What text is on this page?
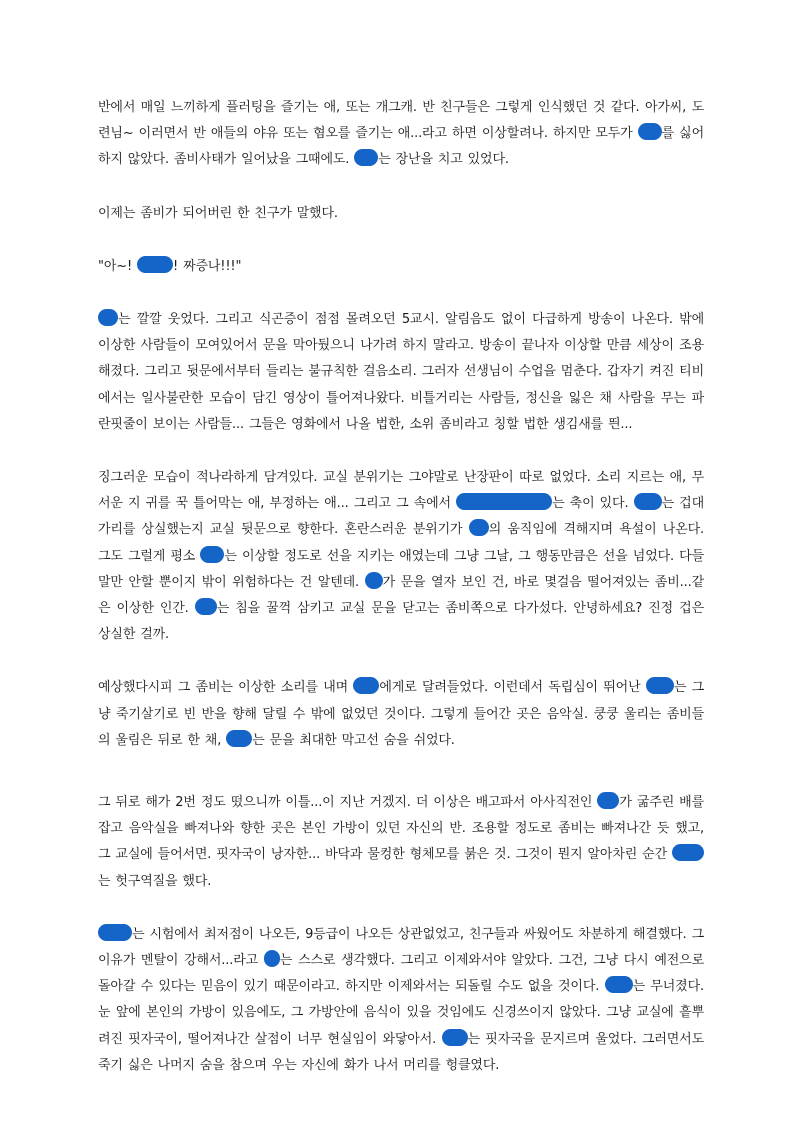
반에서 매일 느끼하게 플러팅을 즐기는 애, 또는 개그캐. 반 친구들은 그렇게 인식했던 것 같다. 아가씨, 도련님~ 이러면서 반 애들의 야유 또는 혐오를 즐기는 애...라고 하면 이상할려나. 하지만 모두가 를 싫어하지 않았다. 좀비사태가 일어났을 그때에도. 는 장난을 치고 있었다.

이제는 좀비가 되어버린 한 친구가 말했다.

"아~!	! 짜증나!!!"

는 깔깔 웃었다. 그리고 식곤증이 점점 몰려오던 5교시. 알림음도 없이 다급하게 방송이 나온다. 밖에 이상한 사람들이 모여있어서 문을 막아뒀으니 나가려 하지 말라고. 방송이 끝나자 이상할 만큼 세상이 조용해졌다. 그리고 뒷문에서부터 들리는 불규칙한 걸음소리. 그러자 선생님이 수업을 멈춘다. 갑자기 켜진 티비에서는 일사불란한 모습이 담긴 영상이 틀어져나왔다. 비틀거리는 사람들, 정신을 잃은 채 사람을 무는 파란핏줄이 보이는 사람들... 그들은 영화에서 나올 법한, 소위 좀비라고 칭할 법한 생김새를 띈...

징그러운 모습이 적나라하게 담겨있다. 교실 분위기는 그야말로 난장판이 따로 없었다. 소리 지르는 애, 무서운 지 귀를 꾹 틀어막는 애, 부정하는 애... 그리고 그 속에서	는 축이 있다. 는 겁대가리를 상실했는지 교실 뒷문으로 향한다. 혼란스러운 분위기가 의 움직임에 격해지며 욕설이 나온다. 그도 그럴게 평소 는 이상할 정도로 선을 지키는 애였는데 그냥 그날, 그 행동만큼은 선을 넘었다. 다들 말만 안할 뿐이지 밖이 위험하다는 건 알텐데. 가 문을 열자 보인 건, 바로 몇걸음 떨어져있는 좀비...같은 이상한 인간. 는 침을 꿀꺽 삼키고 교실 문을 닫고는 좀비쪽으로 다가섰다. 안녕하세요? 진정 겁은 상실한 걸까.

예상했다시피 그 좀비는 이상한 소리를 내며 에게로 달려들었다. 이런데서 독립심이 뛰어난 는 그냥 죽기살기로 빈 반을 향해 달릴 수 밖에 없었던 것이다. 그렇게 들어간 곳은 음악실. 쿵쿵 울리는 좀비들의 울림은 뒤로 한 채, 는 문을 최대한 막고선 숨을 쉬었다.

그 뒤로 해가 2번 정도 떴으니까 이틀...이 지난 거겠지. 더 이상은 배고파서 아사직전인 가 굶주린 배를 잡고 음악실을 빠져나와 향한 곳은 본인 가방이 있던 자신의 반. 조용할 정도로 좀비는 빠져나간 듯 했고, 그 교실에 들어서면. 핏자국이 낭자한... 바닥과 물컹한 형체모를 붉은 것. 그것이 뭔지 알아차린 순간 는 헛구역질을 했다.

는 시험에서 최저점이 나오든, 9등급이 나오든 상관없었고, 친구들과 싸웠어도 차분하게 해결했다. 그 이유가 멘탈이 강해서...라고 는 스스로 생각했다. 그리고 이제와서야 알았다. 그건, 그냥 다시 예전으로 돌아갈 수 있다는 믿음이 있기 때문이라고. 하지만 이제와서는 되돌릴 수도 없을 것이다. 는 무너졌다. 눈 앞에 본인의 가방이 있음에도, 그 가방안에 음식이 있을 것임에도 신경쓰이지 않았다. 그냥 교실에 흩뿌려진 핏자국이, 떨어져나간 살점이 너무 현실임이 와닿아서. 는 핏자국을 문지르며 울었다. 그러면서도 죽기 싫은 나머지 숨을 참으며 우는 자신에 화가 나서 머리를 헝클였다.
